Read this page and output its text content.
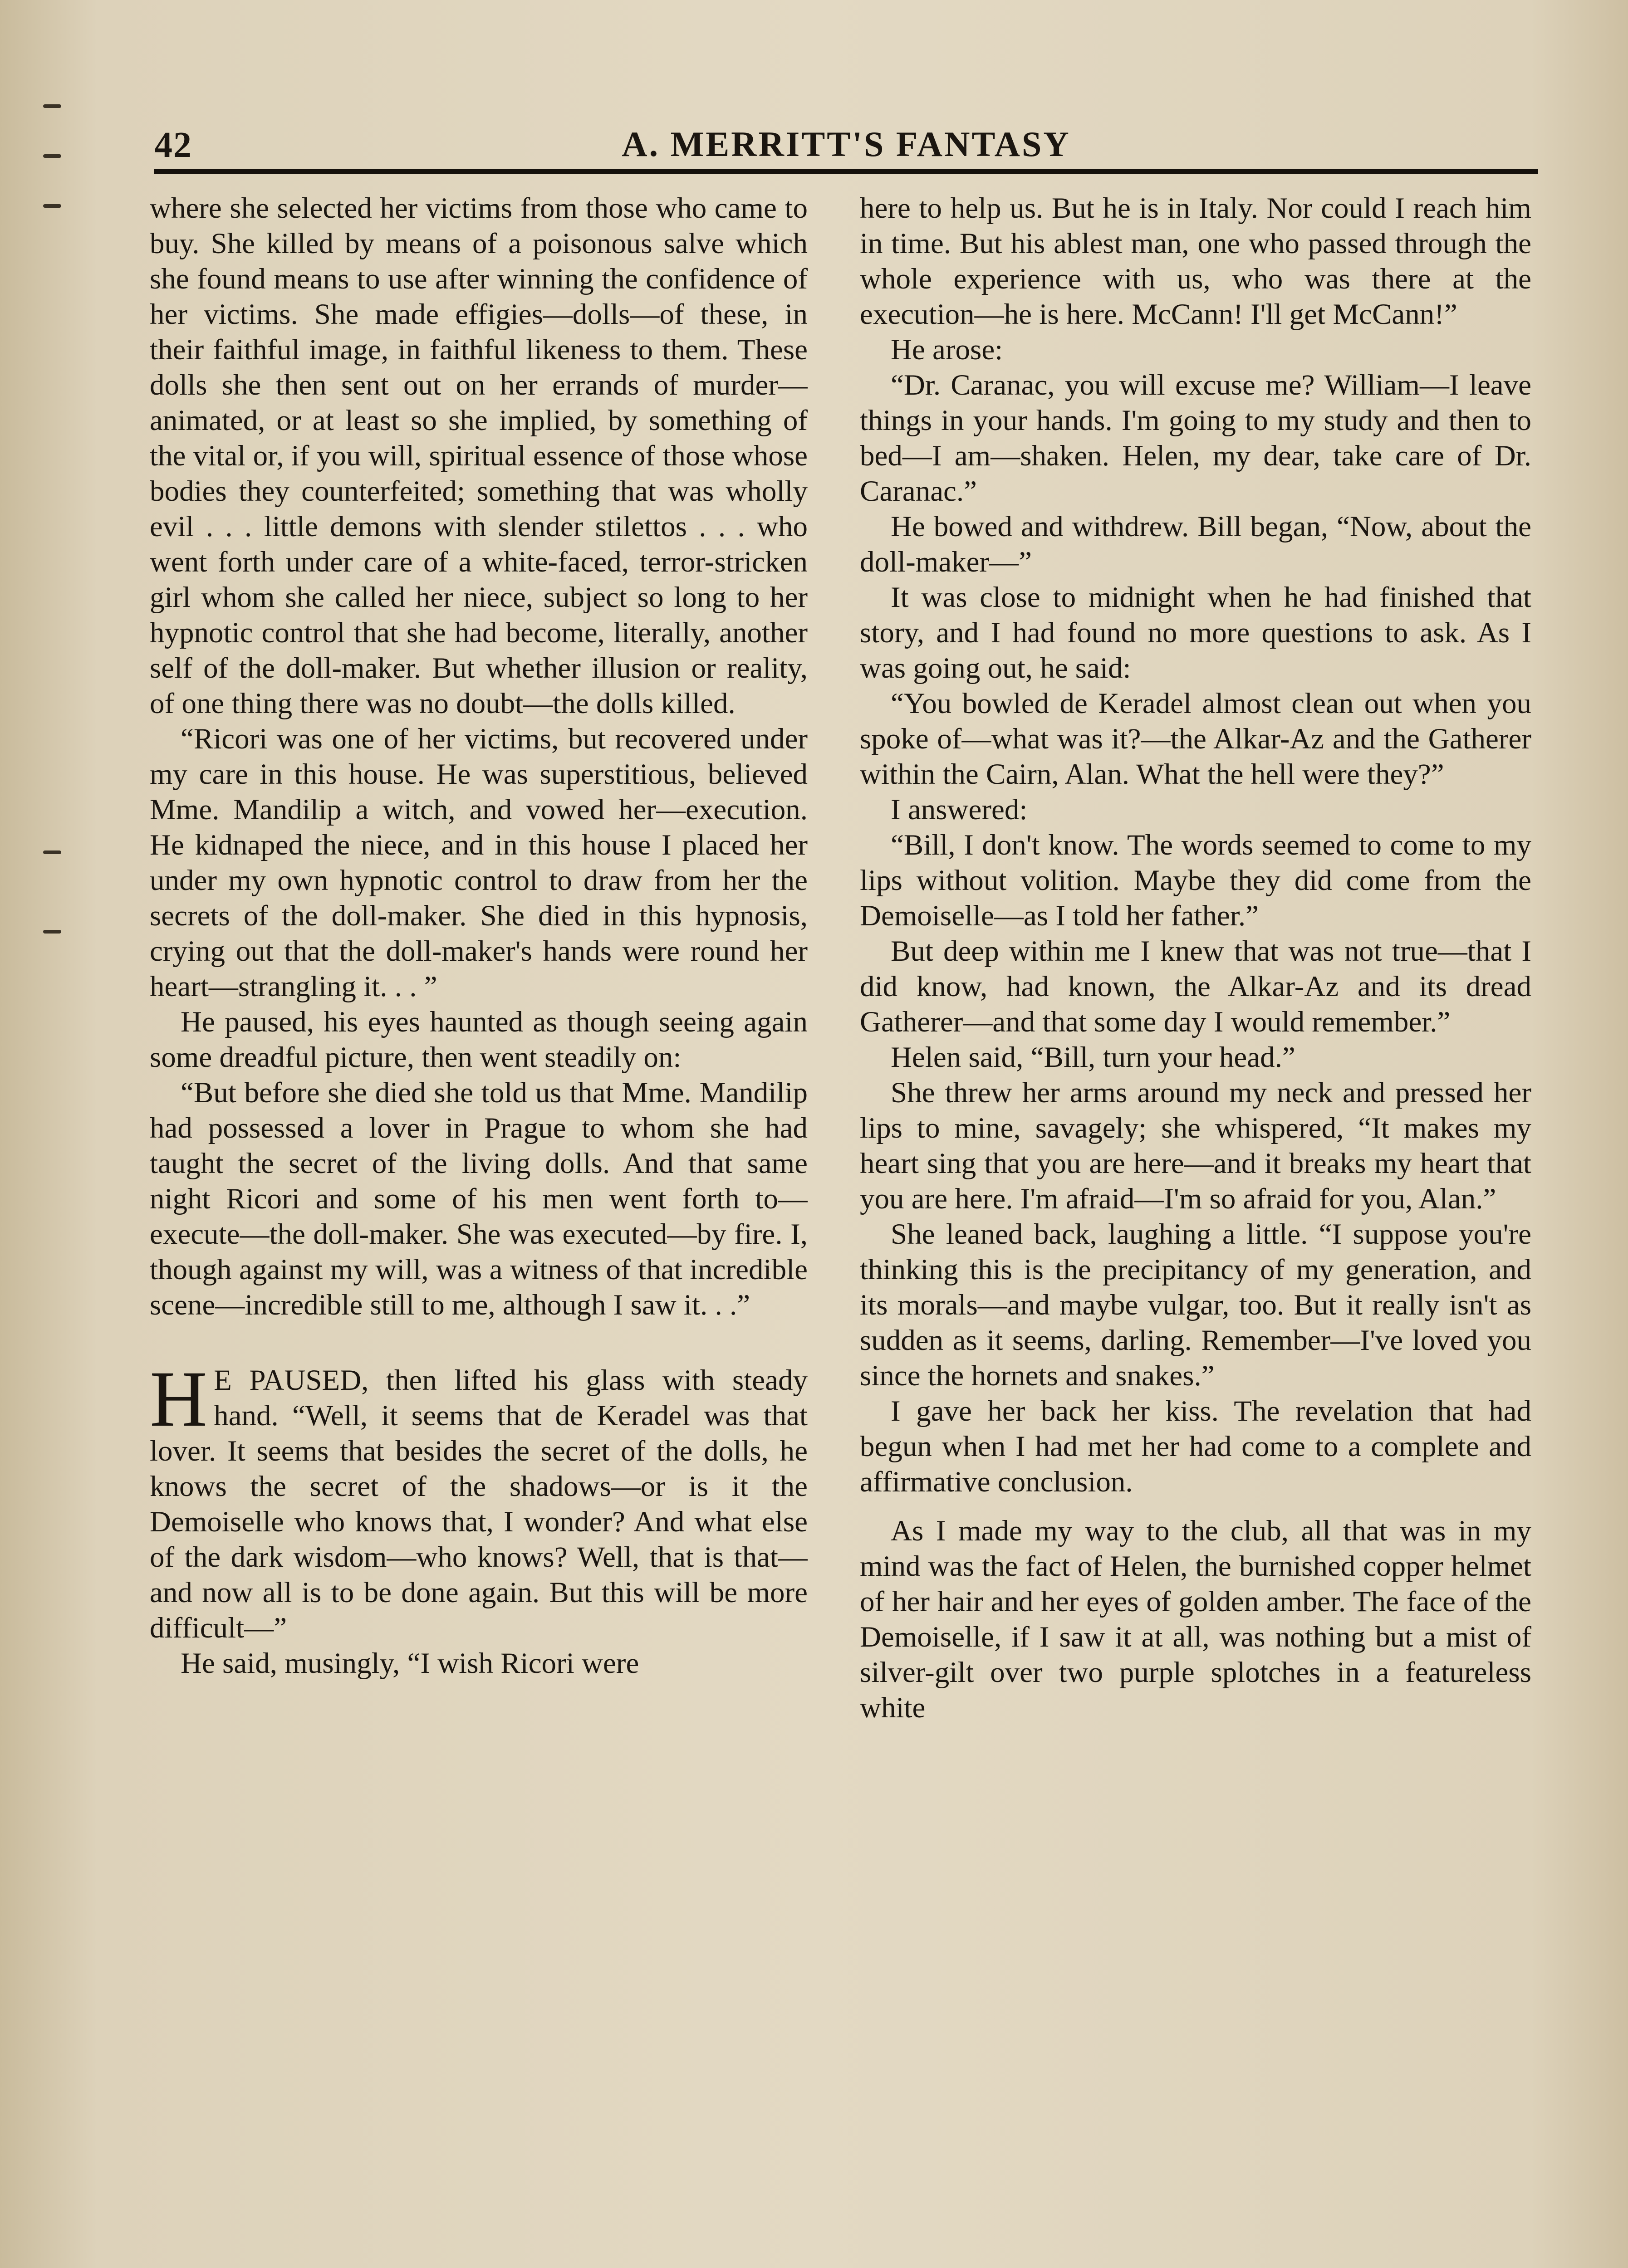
42	A. MERRITT'S FANTASY

where she selected her victims from those who came to buy. She killed by means of a poisonous salve which she found means to use after winning the confidence of her victims. She made effigies—dolls—of these, in their faithful image, in faithful likeness to them. These dolls she then sent out on her errands of murder—animated, or at least so she implied, by something of the vital or, if you will, spiritual essence of those whose bodies they counterfeited; something that was wholly evil . . . little demons with slender stilettos . . . who went forth under care of a white-faced, terror-stricken girl whom she called her niece, subject so long to her hypnotic control that she had become, literally, another self of the doll-maker. But whether illusion or reality, of one thing there was no doubt—the dolls killed.

“Ricori was one of her victims, but recovered under my care in this house. He was superstitious, believed Mme. Mandilip a witch, and vowed her—execution. He kidnaped the niece, and in this house I placed her under my own hypnotic control to draw from her the secrets of the doll-maker. She died in this hypnosis, crying out that the doll-maker's hands were round her heart—strangling it. . . ”

He paused, his eyes haunted as though seeing again some dreadful picture, then went steadily on:

“But before she died she told us that Mme. Mandilip had possessed a lover in Prague to whom she had taught the secret of the living dolls. And that same night Ricori and some of his men went forth to—execute—the doll-maker. She was executed—by fire. I, though against my will, was a witness of that incredible scene—incredible still to me, although I saw it. . .”

HE PAUSED, then lifted his glass with steady hand. “Well, it seems that de Keradel was that lover. It seems that besides the secret of the dolls, he knows the secret of the shadows—or is it the Demoiselle who knows that, I wonder? And what else of the dark wisdom—who knows? Well, that is that—and now all is to be done again. But this will be more difficult—”

He said, musingly, “I wish Ricori were

here to help us. But he is in Italy. Nor could I reach him in time. But his ablest man, one who passed through the whole experience with us, who was there at the execution—he is here. McCann! I'll get McCann!”

He arose:

“Dr. Caranac, you will excuse me? William—I leave things in your hands. I'm going to my study and then to bed—I am—shaken. Helen, my dear, take care of Dr. Caranac.”

He bowed and withdrew. Bill began, “Now, about the doll-maker—”

It was close to midnight when he had finished that story, and I had found no more questions to ask. As I was going out, he said:

“You bowled de Keradel almost clean out when you spoke of—what was it?—the Alkar-Az and the Gatherer within the Cairn, Alan. What the hell were they?”

I answered:

“Bill, I don't know. The words seemed to come to my lips without volition. Maybe they did come from the Demoiselle—as I told her father.”

But deep within me I knew that was not true—that I did know, had known, the Alkar-Az and its dread Gatherer—and that some day I would remember.”

Helen said, “Bill, turn your head.”

She threw her arms around my neck and pressed her lips to mine, savagely; she whispered, “It makes my heart sing that you are here—and it breaks my heart that you are here. I'm afraid—I'm so afraid for you, Alan.”

She leaned back, laughing a little. “I suppose you're thinking this is the precipitancy of my generation, and its morals—and maybe vulgar, too. But it really isn't as sudden as it seems, darling. Remember—I've loved you since the hornets and snakes.”

I gave her back her kiss. The revelation that had begun when I had met her had come to a complete and affirmative conclusion.

As I made my way to the club, all that was in my mind was the fact of Helen, the burnished copper helmet of her hair and her eyes of golden amber. The face of the Demoiselle, if I saw it at all, was nothing but a mist of silver-gilt over two purple splotches in a featureless white
